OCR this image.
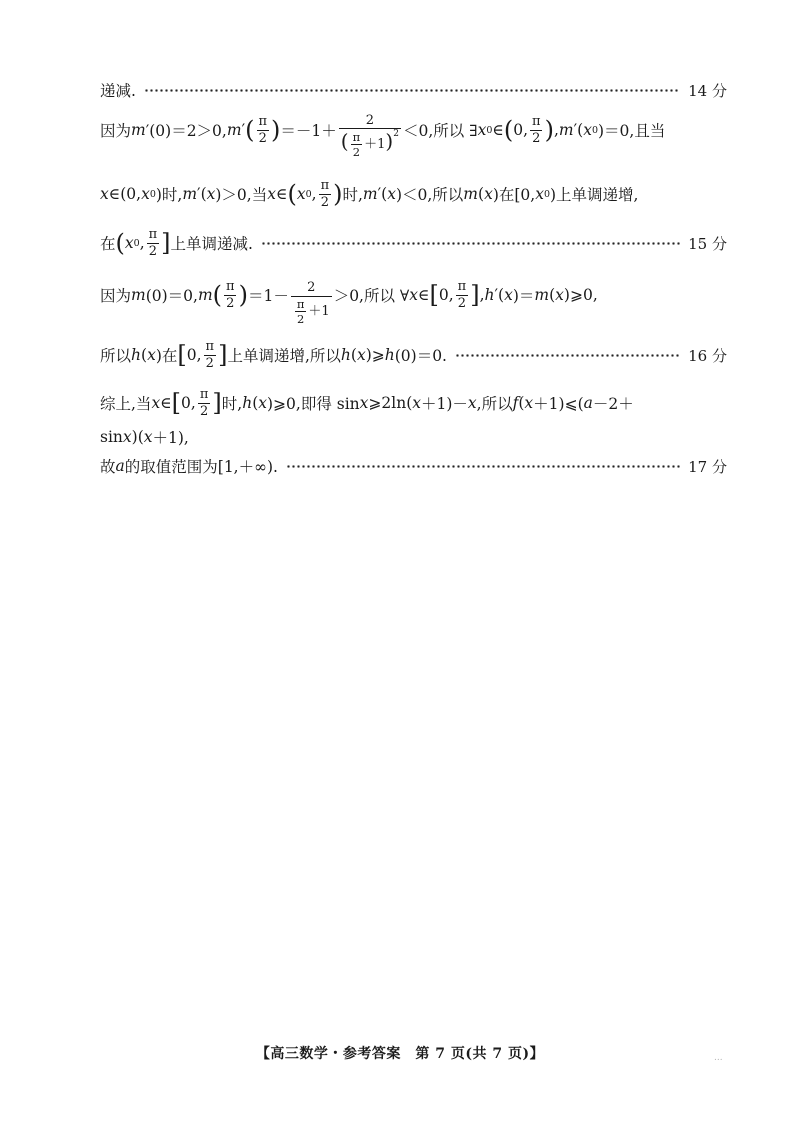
递减.	14 分
因为 m ′(0)＝2＞0, m ′ ( $\frac{\pi}{2}$ ) $=-1+ \frac{2}{( \frac{\pi}{2} +1)^2} <0$,所以 ∃ x 0 ∈ ( 0, $\frac{\pi}{2}$ ) , m ′( x 0 )＝0,且当
x ∈(0, x 0 )时, m ′( x )＞0,当 x ∈ ( x 0 , $\frac{\pi}{2}$ ) 时, m ′( x )＜0,所以 m ( x )在[0, x 0 )上单调递增,
在 ( x 0 , $\frac{\pi}{2}$ ] 上单调递减.	15 分
因为 m (0)＝0, m ( $\frac{\pi}{2}$ ) $=1- \frac{2}{\frac{\pi}{2} +1} >0$,所以 ∀ x ∈ [ 0, $\frac{\pi}{2}$ ] , h ′( x )＝ m ( x )⩾0,
所以 h ( x )在 [ 0, $\frac{\pi}{2}$ ] 上单调递增,所以 h ( x )⩾ h (0)＝0.	16 分
综上,当 x ∈ [ 0, $\frac{\pi}{2}$ ] 时, h ( x )⩾0,即得 sin x ⩾2ln( x ＋1)－ x ,所以 f ( x ＋1)⩽( a －2＋
sin x )( x ＋1),
故 a 的取值范围为[1,＋∞).	17 分
【高三数学・参考答案　第 7 页(共 7 页)】	...
